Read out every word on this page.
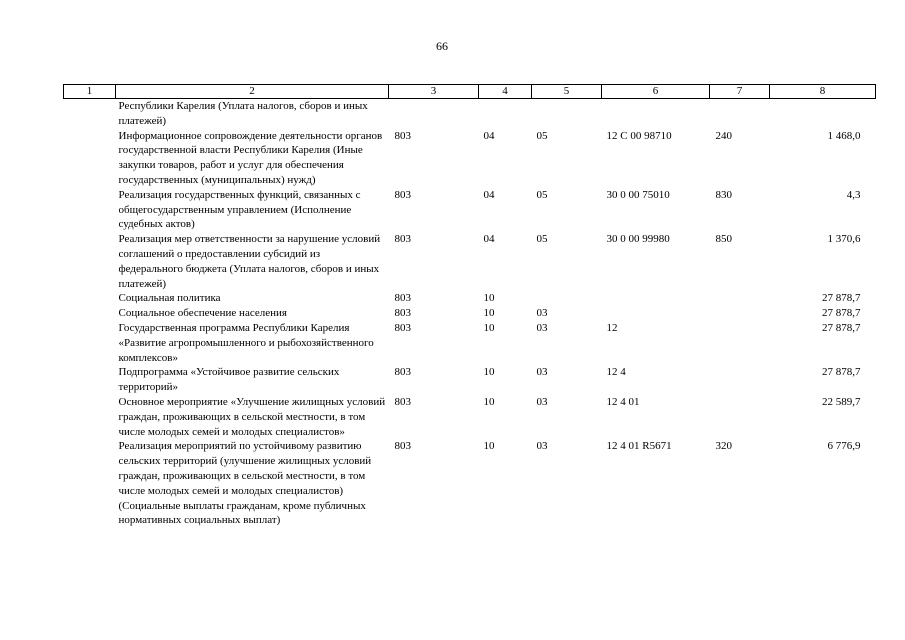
66
1	2	3	4	5	6	7	8
	Республики Карелия (Уплата налогов, сборов и иных платежей)						
	Информационное сопровождение деятельности органов государственной власти Республики Карелия (Иные закупки товаров, работ и услуг для обеспечения государственных (муниципальных) нужд)	803	04	05	12 С 00 98710	240	1 468,0
	Реализация государственных функций, связанных с общегосударственным управлением (Исполнение судебных актов)	803	04	05	30 0 00 75010	830	4,3
	Реализация мер ответственности за нарушение условий соглашений о предоставлении субсидий из федерального бюджета (Уплата налогов, сборов и иных платежей)	803	04	05	30 0 00 99980	850	1 370,6
	Социальная политика	803	10				27 878,7
	Социальное обеспечение населения	803	10	03			27 878,7
	Государственная программа Республики Карелия «Развитие агропромышленного и рыбохозяйственного комплексов»	803	10	03	12		27 878,7
	Подпрограмма «Устойчивое развитие сельских территорий»	803	10	03	12 4		27 878,7
	Основное мероприятие «Улучшение жилищных условий граждан, проживающих в сельской местности, в том числе молодых семей и молодых специалистов»	803	10	03	12 4 01		22 589,7
	Реализация мероприятий по устойчивому развитию сельских территорий (улучшение жилищных условий граждан, проживающих в сельской местности, в том числе молодых семей и молодых специалистов) (Социальные выплаты гражданам, кроме публичных нормативных социальных выплат)	803	10	03	12 4 01 R5671	320	6 776,9
